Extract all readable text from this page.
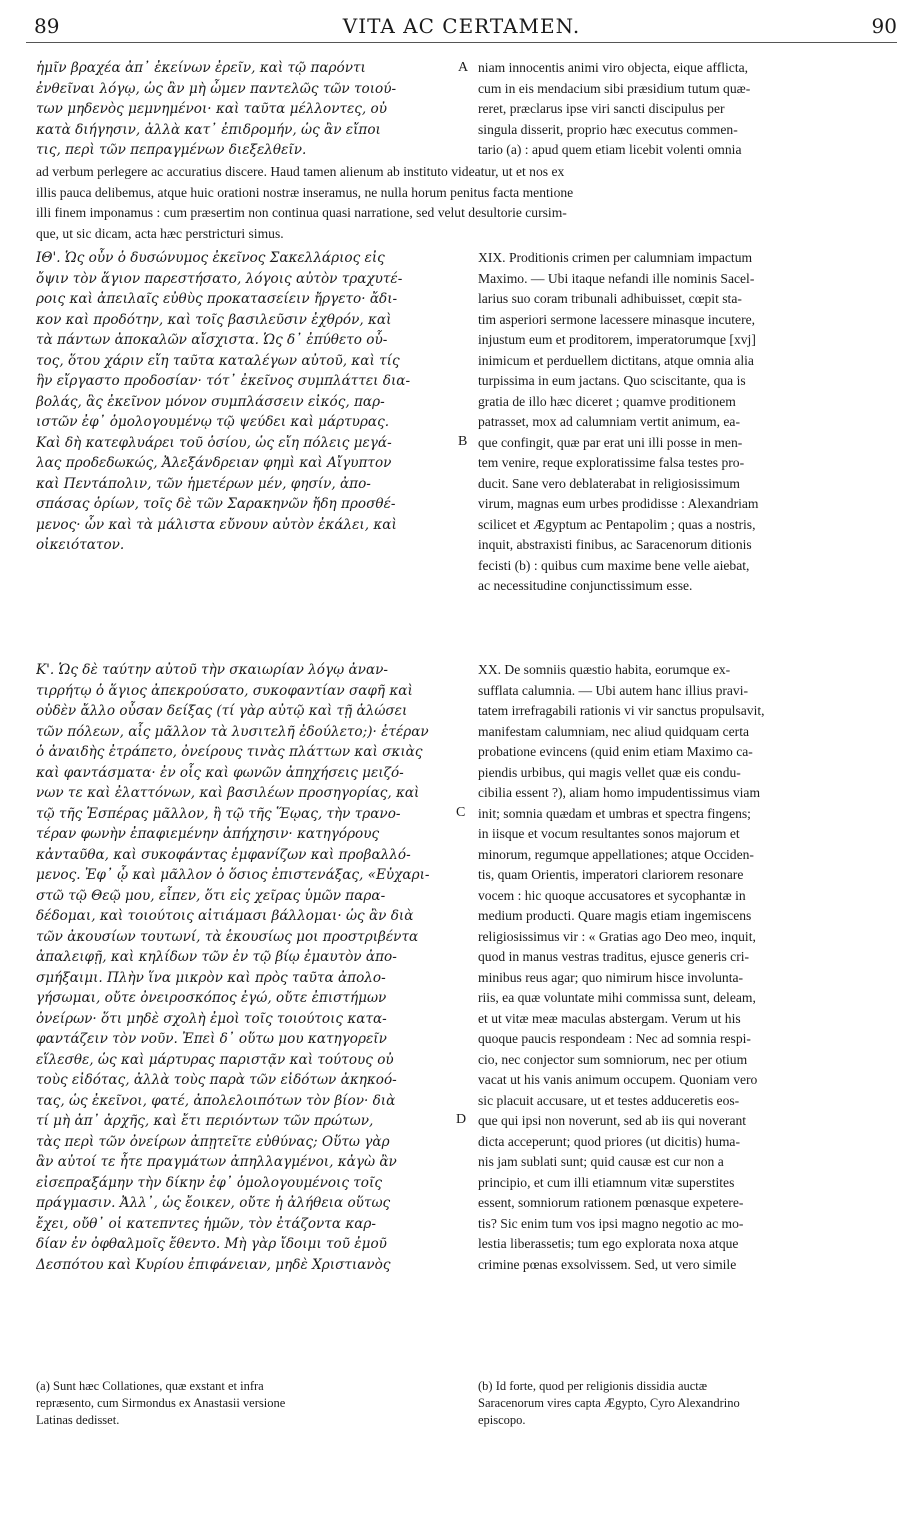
89	VITA AC CERTAMEN.	90
ἡμῖν βραχέα ἀπ᾽ ἐκείνων ἐρεῖν, καὶ τῷ παρόντι
ἐνθεῖναι λόγῳ, ὡς ἂν μὴ ὦμεν παντελῶς τῶν τοιού-
των μηδενὸς μεμνημένοι· καὶ ταῦτα μέλλοντες, οὐ
κατὰ διήγησιν, ἀλλὰ κατ᾽ ἐπιδρομήν, ὡς ἂν εἴποι
τις, περὶ τῶν πεπραγμένων διεξελθεῖν.
niam innocentis animi viro objecta, eique afflicta,
cum in eis mendacium sibi præsidium tutum quæ-
reret, præclarus ipse viri sancti discipulus per
singula disserit, proprio hæc executus commen-
tario (a) : apud quem etiam licebit volenti omnia
A
ad verbum perlegere ac accuratius discere. Haud tamen alienum ab instituto videatur, ut et nos ex
illis pauca delibemus, atque huic orationi nostræ inseramus, ne nulla horum penitus facta mentione
illi finem imponamus : cum præsertim non continua quasi narratione, sed velut desultorie cursim-
que, ut sic dicam, acta hæc perstricturi simus.
ΙΘ'. Ὡς οὖν ὁ δυσώνυμος ἐκεῖνος Σακελλάριος εἰς
ὄψιν τὸν ἅγιον παρεστήσατο, λόγοις αὐτὸν τραχυτέ-
ροις καὶ ἀπειλαῖς εὐθὺς προκατασείειν ἤργετο· ἄδι-
κον καὶ προδότην, καὶ τοῖς βασιλεῦσιν ἐχθρόν, καὶ
τὰ πάντων ἀποκαλῶν αἴσχιστα. Ὡς δ᾽ ἐπύθετο οὗ-
τος, ὅτου χάριν εἴη ταῦτα καταλέγων αὐτοῦ, καὶ τίς
ἣν εἴργαστο προδοσίαν· τότ᾽ ἐκεῖνος συμπλάττει δια-
βολάς, ἃς ἐκεῖνον μόνον συμπλάσσειν εἰκός, παρ-
ιστῶν ἐφ᾽ ὁμολογουμένῳ τῷ ψεύδει καὶ μάρτυρας.
Καὶ δὴ κατεφλυάρει τοῦ ὁσίου, ὡς εἴη πόλεις μεγά-
λας προδεδωκώς, Ἀλεξάνδρειαν φημὶ καὶ Αἴγυπτον
καὶ Πεντάπολιν, τῶν ἡμετέρων μέν, φησίν, ἀπο-
σπάσας ὁρίων, τοῖς δὲ τῶν Σαρακηνῶν ἤδη προσθέ-
μενος· ὧν καὶ τὰ μάλιστα εὔνουν αὐτὸν ἐκάλει, καὶ
οἰκειότατον.
XIX. Proditionis crimen per calumniam impactum
Maximo. — Ubi itaque nefandi ille nominis Sacel-
larius suo coram tribunali adhibuisset, cœpit sta-
tim asperiori sermone lacessere minasque incutere,
injustum eum et proditorem, imperatorumque [xvj]
inimicum et perduellem dictitans, atque omnia alia
turpissima in eum jactans. Quo sciscitante, qua is
gratia de illo hæc diceret ; quamve proditionem
patrasset, mox ad calumniam vertit animum, ea-
que confingit, quæ par erat uni illi posse in men-
tem venire, reque exploratissime falsa testes pro-
ducit. Sane vero deblaterabat in religiosissimum
virum, magnas eum urbes prodidisse : Alexandriam
scilicet et Ægyptum ac Pentapolim ; quas a nostris,
inquit, abstraxisti finibus, ac Saracenorum ditionis
fecisti (b) : quibus cum maxime bene velle aiebat,
ac necessitudine conjunctissimum esse.
B
Κ'. Ὡς δὲ ταύτην αὐτοῦ τὴν σκαιωρίαν λόγῳ ἀναν-
τιρρήτῳ ὁ ἅγιος ἀπεκρούσατο, συκοφαντίαν σαφῆ καὶ
οὐδὲν ἄλλο οὖσαν δείξας (τί γὰρ αὐτῷ καὶ τῇ ἁλώσει
τῶν πόλεων, αἷς μᾶλλον τὰ λυσιτελῆ ἐδούλετο;)· ἑτέραν
ὁ ἀναιδὴς ἐτράπετο, ὀνείρους τινὰς πλάττων καὶ σκιὰς
καὶ φαντάσματα· ἐν οἷς καὶ φωνῶν ἀπηχήσεις μειζό-
νων τε καὶ ἐλαττόνων, καὶ βασιλέων προσηγορίας, καὶ
τῷ τῆς Ἑσπέρας μᾶλλον, ἢ τῷ τῆς Ἕῳας, τὴν τρανο-
τέραν φωνὴν ἐπαφιεμένην ἀπήχησιν· κατηγόρους
κἀνταῦθα, καὶ συκοφάντας ἐμφανίζων καὶ προβαλλό-
μενος. Ἐφ᾽ ᾧ καὶ μᾶλλον ὁ ὅσιος ἐπιστενάξας, «Εὐχαρι-
στῶ τῷ Θεῷ μου, εἶπεν, ὅτι εἰς χεῖρας ὑμῶν παρα-
δέδομαι, καὶ τοιούτοις αἰτιάμασι βάλλομαι· ὡς ἂν διὰ
τῶν ἀκουσίων τουτωνί, τὰ ἑκουσίως μοι προστριβέντα
ἀπαλειφῇ, καὶ κηλίδων τῶν ἐν τῷ βίῳ ἐμαυτὸν ἀπο-
σμήξαιμι. Πλὴν ἵνα μικρὸν καὶ πρὸς ταῦτα ἀπολο-
γήσωμαι, οὔτε ὀνειροσκόπος ἐγώ, οὔτε ἐπιστήμων
ὀνείρων· ὅτι μηδὲ σχολὴ ἐμοὶ τοῖς τοιούτοις κατα-
φαντάζειν τὸν νοῦν. Ἐπεὶ δ᾽ οὕτω μου κατηγορεῖν
εἵλεσθε, ὡς καὶ μάρτυρας παριστᾷν καὶ τούτους οὐ
τοὺς εἰδότας, ἀλλὰ τοὺς παρὰ τῶν εἰδότων ἀκηκοό-
τας, ὡς ἐκεῖνοι, φατέ, ἀπολελοιπότων τὸν βίον· διὰ
τί μὴ ἀπ᾽ ἀρχῆς, καὶ ἔτι περιόντων τῶν πρώτων,
τὰς περὶ τῶν ὀνείρων ἀπῃτεῖτε εὐθύνας; Οὕτω γὰρ
ἂν αὐτοί τε ἦτε πραγμάτων ἀπηλλαγμένοι, κἀγὼ ἂν
εἰσεπραξάμην τὴν δίκην ἐφ᾽ ὁμολογουμένοις τοῖς
πράγμασιν. Ἀλλ᾽, ὡς ἔοικεν, οὔτε ἡ ἀλήθεια οὕτως
ἔχει, οὔθ᾽ οἱ κατεπντες ἡμῶν, τὸν ἐτάζοντα καρ-
δίαν ἐν ὀφθαλμοῖς ἔθεντο. Μὴ γὰρ ἴδοιμι τοῦ ἐμοῦ
Δεσπότου καὶ Κυρίου ἐπιφάνειαν, μηδὲ Χριστιανὸς
XX. De somniis quæstio habita, eorumque ex-
sufflata calumnia. — Ubi autem hanc illius pravi-
tatem irrefragabili rationis vi vir sanctus propulsavit,
manifestam calumniam, nec aliud quidquam certa
probatione evincens (quid enim etiam Maximo ca-
piendis urbibus, qui magis vellet quæ eis condu-
cibilia essent ?), aliam homo impudentissimus viam
init; somnia quædam et umbras et spectra fingens;
in iisque et vocum resultantes sonos majorum et
minorum, regumque appellationes; atque Occiden-
tis, quam Orientis, imperatori clariorem resonare
vocem : hic quoque accusatores et sycophantæ in
medium producti. Quare magis etiam ingemiscens
religiosissimus vir : « Gratias ago Deo meo, inquit,
quod in manus vestras traditus, ejusce generis cri-
minibus reus agar; quo nimirum hisce involunta-
riis, ea quæ voluntate mihi commissa sunt, deleam,
et ut vitæ meæ maculas abstergam. Verum ut his
quoque paucis respondeam : Nec ad somnia respi-
cio, nec conjector sum somniorum, nec per otium
vacat ut his vanis animum occupem. Quoniam vero
sic placuit accusare, ut et testes adduceretis eos-
que qui ipsi non noverunt, sed ab iis qui noverant
dicta acceperunt; quod priores (ut dicitis) huma-
nis jam sublati sunt; quid causæ est cur non a
principio, et cum illi etiamnum vitæ superstites
essent, somniorum rationem pœnasque expetere-
tis? Sic enim tum vos ipsi magno negotio ac mo-
lestia liberassetis; tum ego explorata noxa atque
crimine pœnas exsolvissem. Sed, ut vero simile
C
D
(a) Sunt hæc Collationes, quæ exstant et infra
repræsento, cum Sirmondus ex Anastasii versione
Latinas dedisset.
(b) Id forte, quod per religionis dissidia auctæ
Saracenorum vires capta Ægypto, Cyro Alexandrino
episcopo.
